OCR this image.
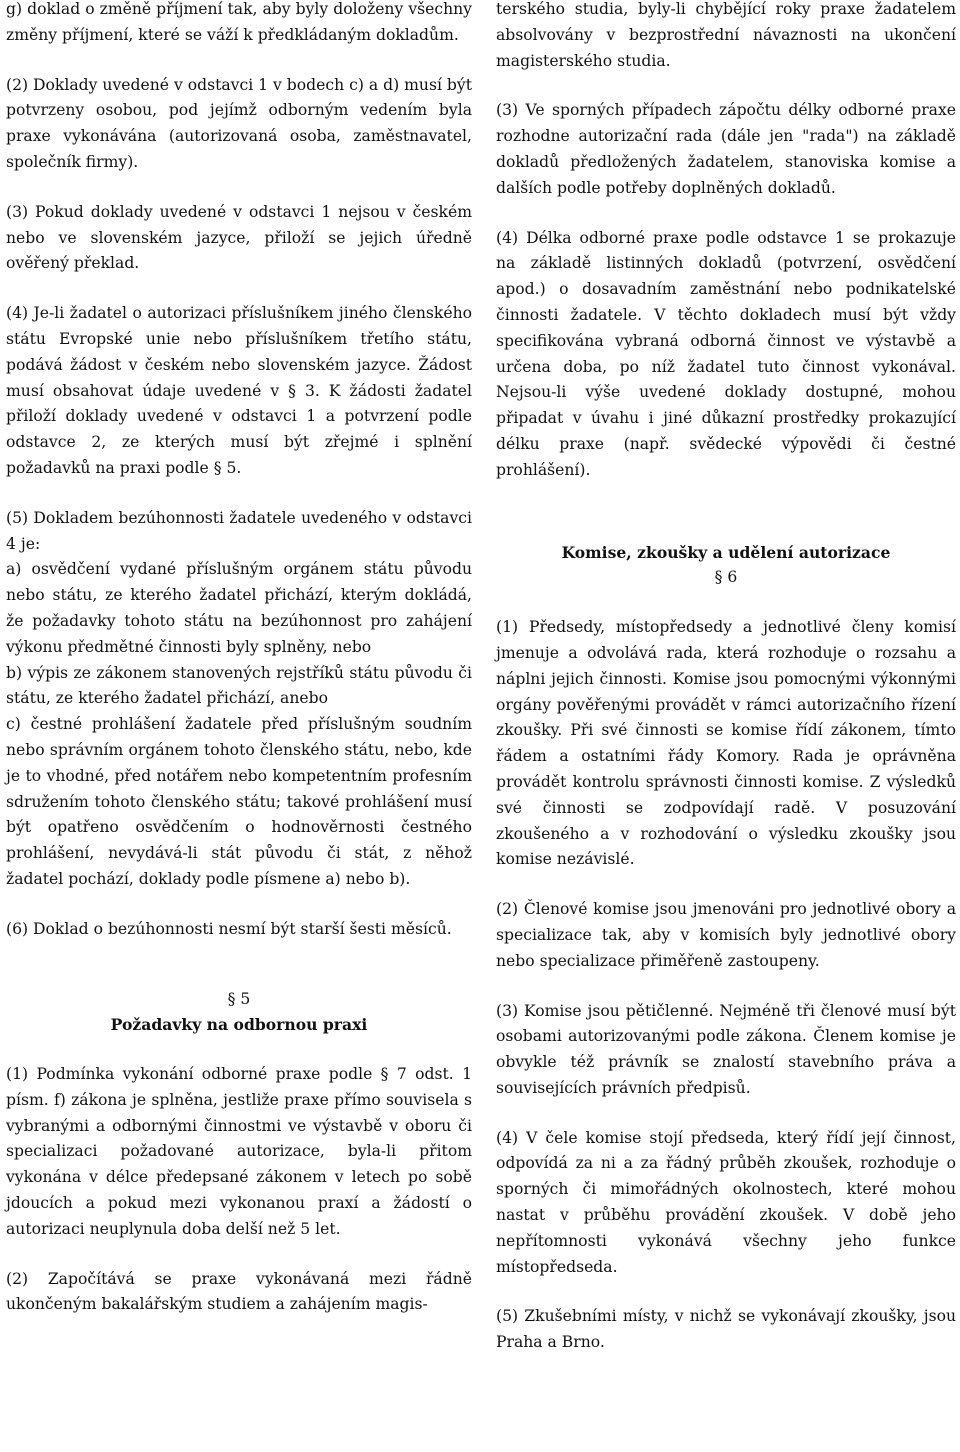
g) doklad o změně příjmení tak, aby byly doloženy všechny změny příjmení, které se váží k předkládaným dokladům.

(2) Doklady uvedené v odstavci 1 v bodech c) a d) musí být potvrzeny osobou, pod jejímž odborným vedením byla praxe vykonávána (autorizovaná osoba, zaměstnavatel, společník firmy).

(3) Pokud doklady uvedené v odstavci 1 nejsou v českém nebo ve slovenském jazyce, přiloží se jejich úředně ověřený překlad.

(4) Je-li žadatel o autorizaci příslušníkem jiného členského státu Evropské unie nebo příslušníkem třetího státu, podává žádost v českém nebo slovenském jazyce. Žádost musí obsahovat údaje uvedené v § 3. K žádosti žadatel přiloží doklady uvedené v odstavci 1 a potvrzení podle odstavce 2, ze kterých musí být zřejmé i splnění požadavků na praxi podle § 5.

(5) Dokladem bezúhonnosti žadatele uvedeného v odstavci 4 je:

a) osvědčení vydané příslušným orgánem státu původu nebo státu, ze kterého žadatel přichází, kterým dokládá, že požadavky tohoto státu na bezúhonnost pro zahájení výkonu předmětné činnosti byly splněny, nebo

b) výpis ze zákonem stanovených rejstříků státu původu či státu, ze kterého žadatel přichází, anebo

c) čestné prohlášení žadatele před příslušným soudním nebo správním orgánem tohoto členského státu, nebo, kde je to vhodné, před notářem nebo kompetentním profesním sdružením tohoto členského státu; takové prohlášení musí být opatřeno osvědčením o hodnověrnosti čestného prohlášení, nevydává-li stát původu či stát, z něhož žadatel pochází, doklady podle písmene a) nebo b).

(6) Doklad o bezúhonnosti nesmí být starší šesti měsíců.

§ 5
Požadavky na odbornou praxi

(1) Podmínka vykonání odborné praxe podle § 7 odst. 1 písm. f) zákona je splněna, jestliže praxe přímo souvisela s vybranými a odbornými činnostmi ve výstavbě v oboru či specializaci požadované autorizace, byla-li přitom vykonána v délce předepsané zákonem v letech po sobě jdoucích a pokud mezi vykonanou praxí a žádostí o autorizaci neuplynula doba delší než 5 let.

(2) Započítává se praxe vykonávaná mezi řádně ukončeným bakalářským studiem a zahájením magis-

terského studia, byly-li chybějící roky praxe žadatelem absolvovány v bezprostřední návaznosti na ukončení magisterského studia.

(3) Ve sporných případech zápočtu délky odborné praxe rozhodne autorizační rada (dále jen "rada") na základě dokladů předložených žadatelem, stanoviska komise a dalších podle potřeby doplněných dokladů.

(4) Délka odborné praxe podle odstavce 1 se prokazuje na základě listinných dokladů (potvrzení, osvědčení apod.) o dosavadním zaměstnání nebo podnikatelské činnosti žadatele. V těchto dokladech musí být vždy specifikována vybraná odborná činnost ve výstavbě a určena doba, po níž žadatel tuto činnost vykonával. Nejsou-li výše uvedené doklady dostupné, mohou připadat v úvahu i jiné důkazní prostředky prokazující délku praxe (např. svědecké výpovědi či čestné prohlášení).

Komise, zkoušky a udělení autorizace
§ 6

(1) Předsedy, místopředsedy a jednotlivé členy komisí jmenuje a odvolává rada, která rozhoduje o rozsahu a náplni jejich činnosti. Komise jsou pomocnými výkonnými orgány pověřenými provádět v rámci autorizačního řízení zkoušky. Při své činnosti se komise řídí zákonem, tímto řádem a ostatními řády Komory. Rada je oprávněna provádět kontrolu správnosti činnosti komise. Z výsledků své činnosti se zodpovídají radě. V posuzování zkoušeného a v rozhodování o výsledku zkoušky jsou komise nezávislé.

(2) Členové komise jsou jmenováni pro jednotlivé obory a specializace tak, aby v komisích byly jednotlivé obory nebo specializace přiměřeně zastoupeny.

(3) Komise jsou pětičlenné. Nejméně tři členové musí být osobami autorizovanými podle zákona. Členem komise je obvykle též právník se znalostí stavebního práva a souvisejících právních předpisů.

(4) V čele komise stojí předseda, který řídí její činnost, odpovídá za ni a za řádný průběh zkoušek, rozhoduje o sporných či mimořádných okolnostech, které mohou nastat v průběhu provádění zkoušek. V době jeho nepřítomnosti vykonává všechny jeho funkce místopředseda.

(5) Zkušebními místy, v nichž se vykonávají zkoušky, jsou Praha a Brno.
